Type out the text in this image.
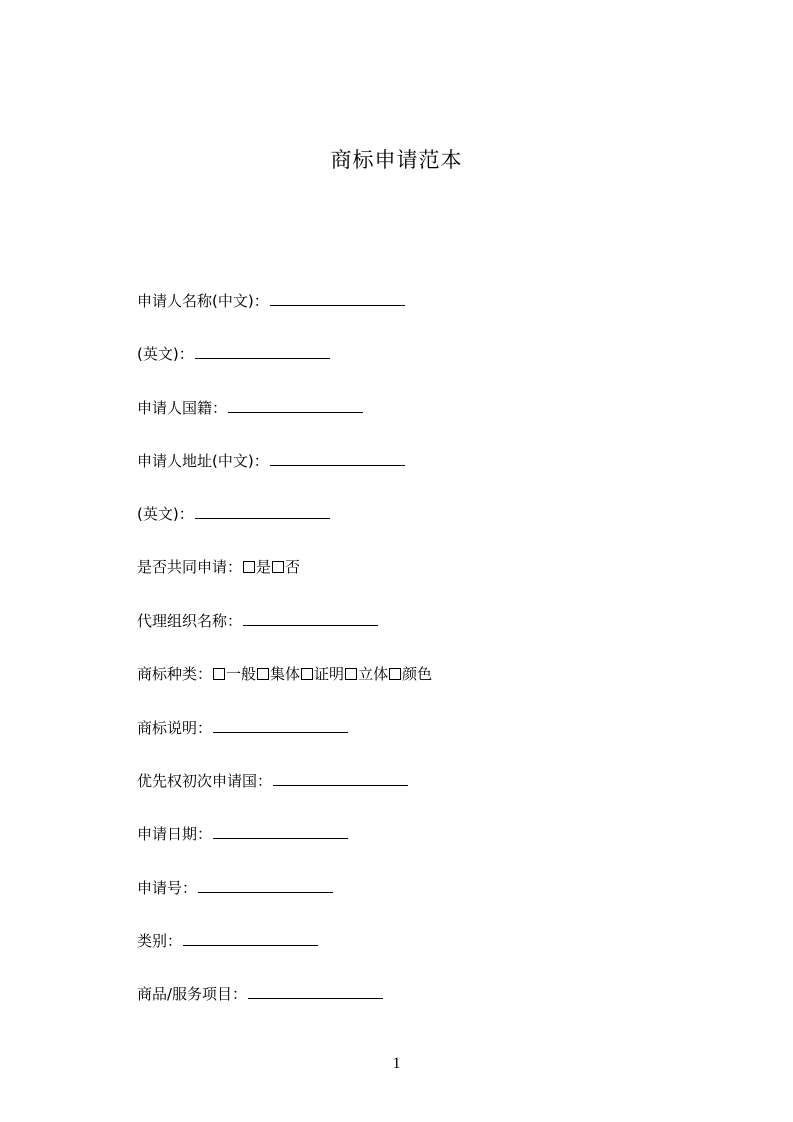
商标申请范本
申请人名称(中文)：
(英文)：
申请人国籍：
申请人地址(中文)：
(英文)：
是否共同申请： 是 否
代理组织名称：
商标种类： 一般 集体 证明 立体 颜色
商标说明：
优先权初次申请国：
申请日期：
申请号：
类别：
商品/服务项目：
1
